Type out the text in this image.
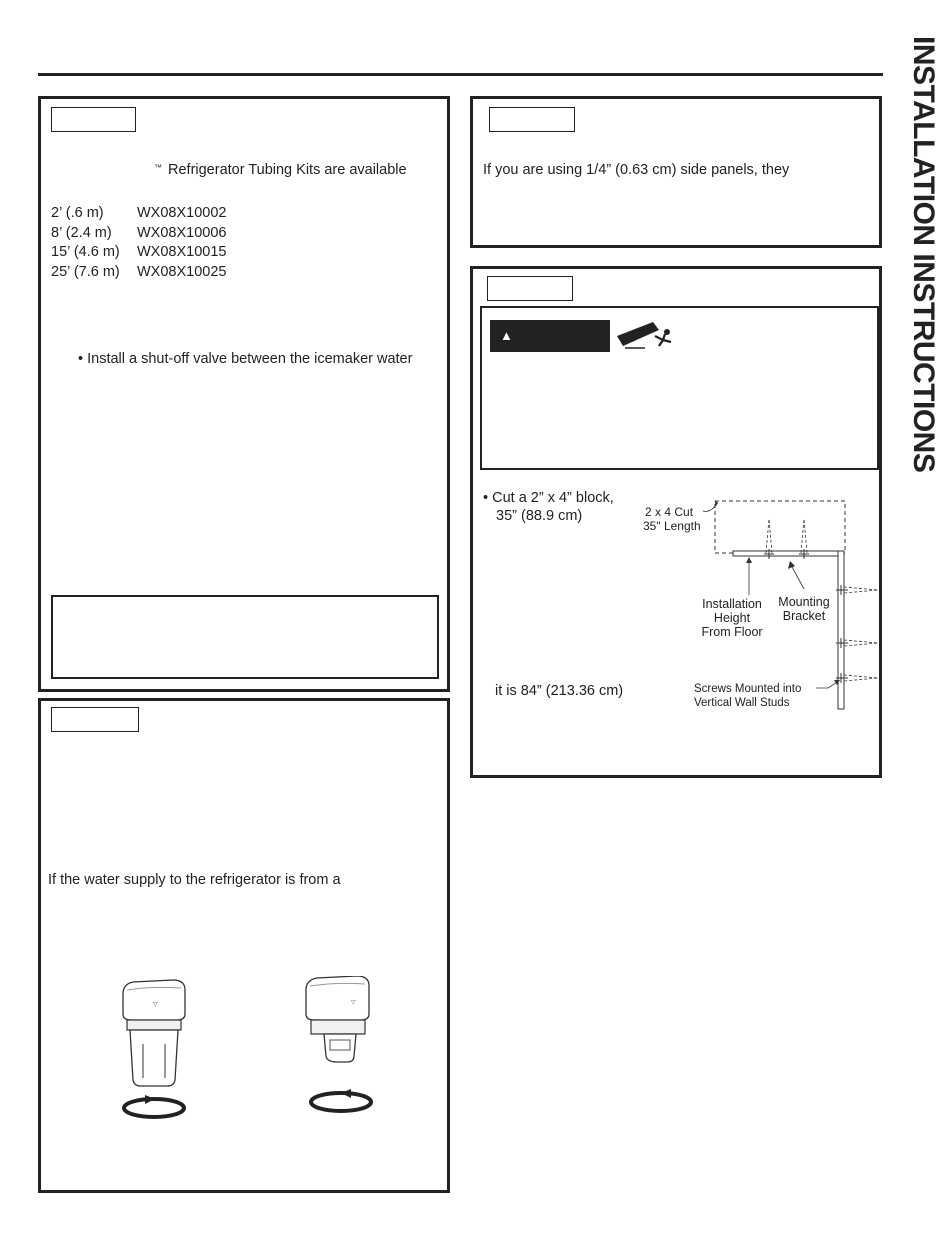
INSTALLATION INSTRUCTIONS
™ Refrigerator Tubing Kits are available
2’ (.6 m) WX08X10002
8’ (2.4 m) WX08X10006
15’ (4.6 m) WX08X10015
25’ (7.6 m) WX08X10025
• Install a shut-off valve between the icemaker water
If the water supply to the refrigerator is from a
▽	▽
If you are using 1/4” (0.63 cm) side panels, they
▲
• Cut a 2” x 4” block,
35” (88.9 cm)
it is 84” (213.36 cm)
2 x 4 Cut
35" Length
Installation
Height
From Floor
Mounting
Bracket
Screws Mounted into
Vertical Wall Studs
